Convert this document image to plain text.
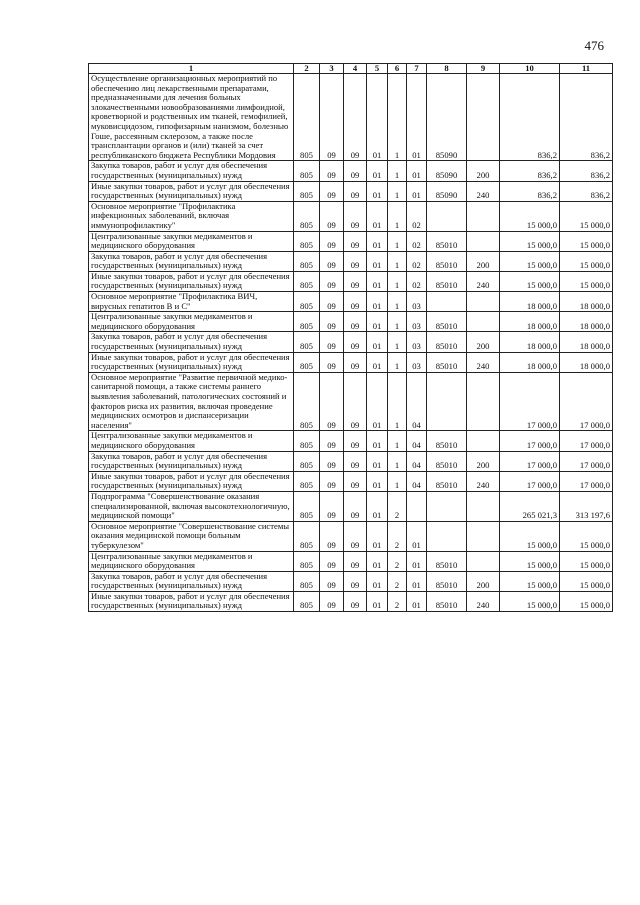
476
1	2	3	4	5	6	7	8	9	10	11
Осуществление организационных мероприятий по обеспечению лиц лекарственными препаратами, предназначенными для лечения больных злокачественными новообразованиями лимфоидной, кроветворной и родственных им тканей, гемофилией, муковисцидозом, гипофизарным нанизмом, болезнью Гоше, рассеянным склерозом, а также после трансплантации органов и (или) тканей за счет республиканского бюджета Республики Мордовия	805	09	09	01	1	01	85090		836,2	836,2
Закупка товаров, работ и услуг для обеспечения государственных (муниципальных) нужд	805	09	09	01	1	01	85090	200	836,2	836,2
Иные закупки товаров, работ и услуг для обеспечения государственных (муниципальных) нужд	805	09	09	01	1	01	85090	240	836,2	836,2
Основное мероприятие "Профилактика инфекционных заболеваний, включая иммунопрофилактику"	805	09	09	01	1	02			15 000,0	15 000,0
Централизованные закупки медикаментов и медицинского оборудования	805	09	09	01	1	02	85010		15 000,0	15 000,0
Закупка товаров, работ и услуг для обеспечения государственных (муниципальных) нужд	805	09	09	01	1	02	85010	200	15 000,0	15 000,0
Иные закупки товаров, работ и услуг для обеспечения государственных (муниципальных) нужд	805	09	09	01	1	02	85010	240	15 000,0	15 000,0
Основное мероприятие "Профилактика ВИЧ, вирусных гепатитов В и С"	805	09	09	01	1	03			18 000,0	18 000,0
Централизованные закупки медикаментов и медицинского оборудования	805	09	09	01	1	03	85010		18 000,0	18 000,0
Закупка товаров, работ и услуг для обеспечения государственных (муниципальных) нужд	805	09	09	01	1	03	85010	200	18 000,0	18 000,0
Иные закупки товаров, работ и услуг для обеспечения государственных (муниципальных) нужд	805	09	09	01	1	03	85010	240	18 000,0	18 000,0
Основное мероприятие "Развитие первичной медико-санитарной помощи, а также системы раннего выявления заболеваний, патологических состояний и факторов риска их развития, включая проведение медицинских осмотров и диспансеризации населения"	805	09	09	01	1	04			17 000,0	17 000,0
Централизованные закупки медикаментов и медицинского оборудования	805	09	09	01	1	04	85010		17 000,0	17 000,0
Закупка товаров, работ и услуг для обеспечения государственных (муниципальных) нужд	805	09	09	01	1	04	85010	200	17 000,0	17 000,0
Иные закупки товаров, работ и услуг для обеспечения государственных (муниципальных) нужд	805	09	09	01	1	04	85010	240	17 000,0	17 000,0
Подпрограмма "Совершенствование оказания специализированной, включая высокотехнологичную, медицинской помощи"	805	09	09	01	2				265 021,3	313 197,6
Основное мероприятие "Совершенствование системы оказания медицинской помощи больным туберкулезом"	805	09	09	01	2	01			15 000,0	15 000,0
Централизованные закупки медикаментов и медицинского оборудования	805	09	09	01	2	01	85010		15 000,0	15 000,0
Закупка товаров, работ и услуг для обеспечения государственных (муниципальных) нужд	805	09	09	01	2	01	85010	200	15 000,0	15 000,0
Иные закупки товаров, работ и услуг для обеспечения государственных (муниципальных) нужд	805	09	09	01	2	01	85010	240	15 000,0	15 000,0
